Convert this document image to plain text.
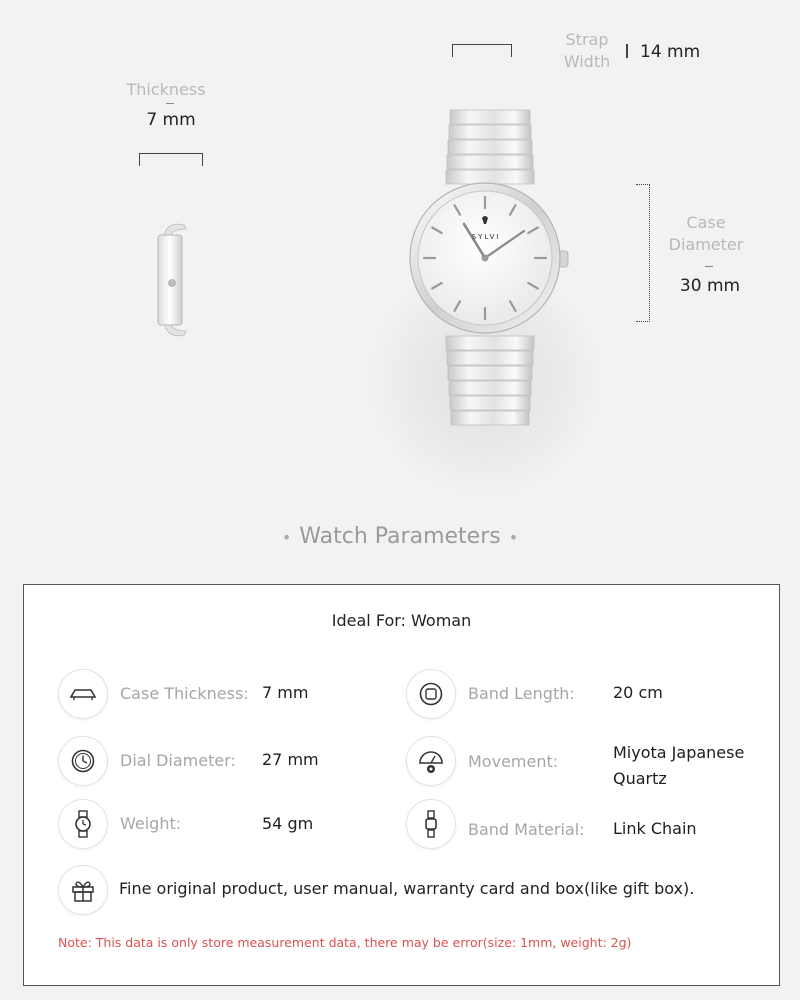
Thickness
7 mm
Strap
Width	14 mm
SYLVI
Case
Diameter
30 mm
• Watch Parameters •
Ideal For: Woman
Case Thickness: 7 mm
Dial Diameter: 27 mm
Weight:	54 gm
Band Length: 20 cm
Movement:	Miyota Japanese
Quartz
Band Material: Link Chain
Fine original product, user manual, warranty card and box(like gift box).
Note: This data is only store measurement data, there may be error(size: 1mm, weight: 2g)
